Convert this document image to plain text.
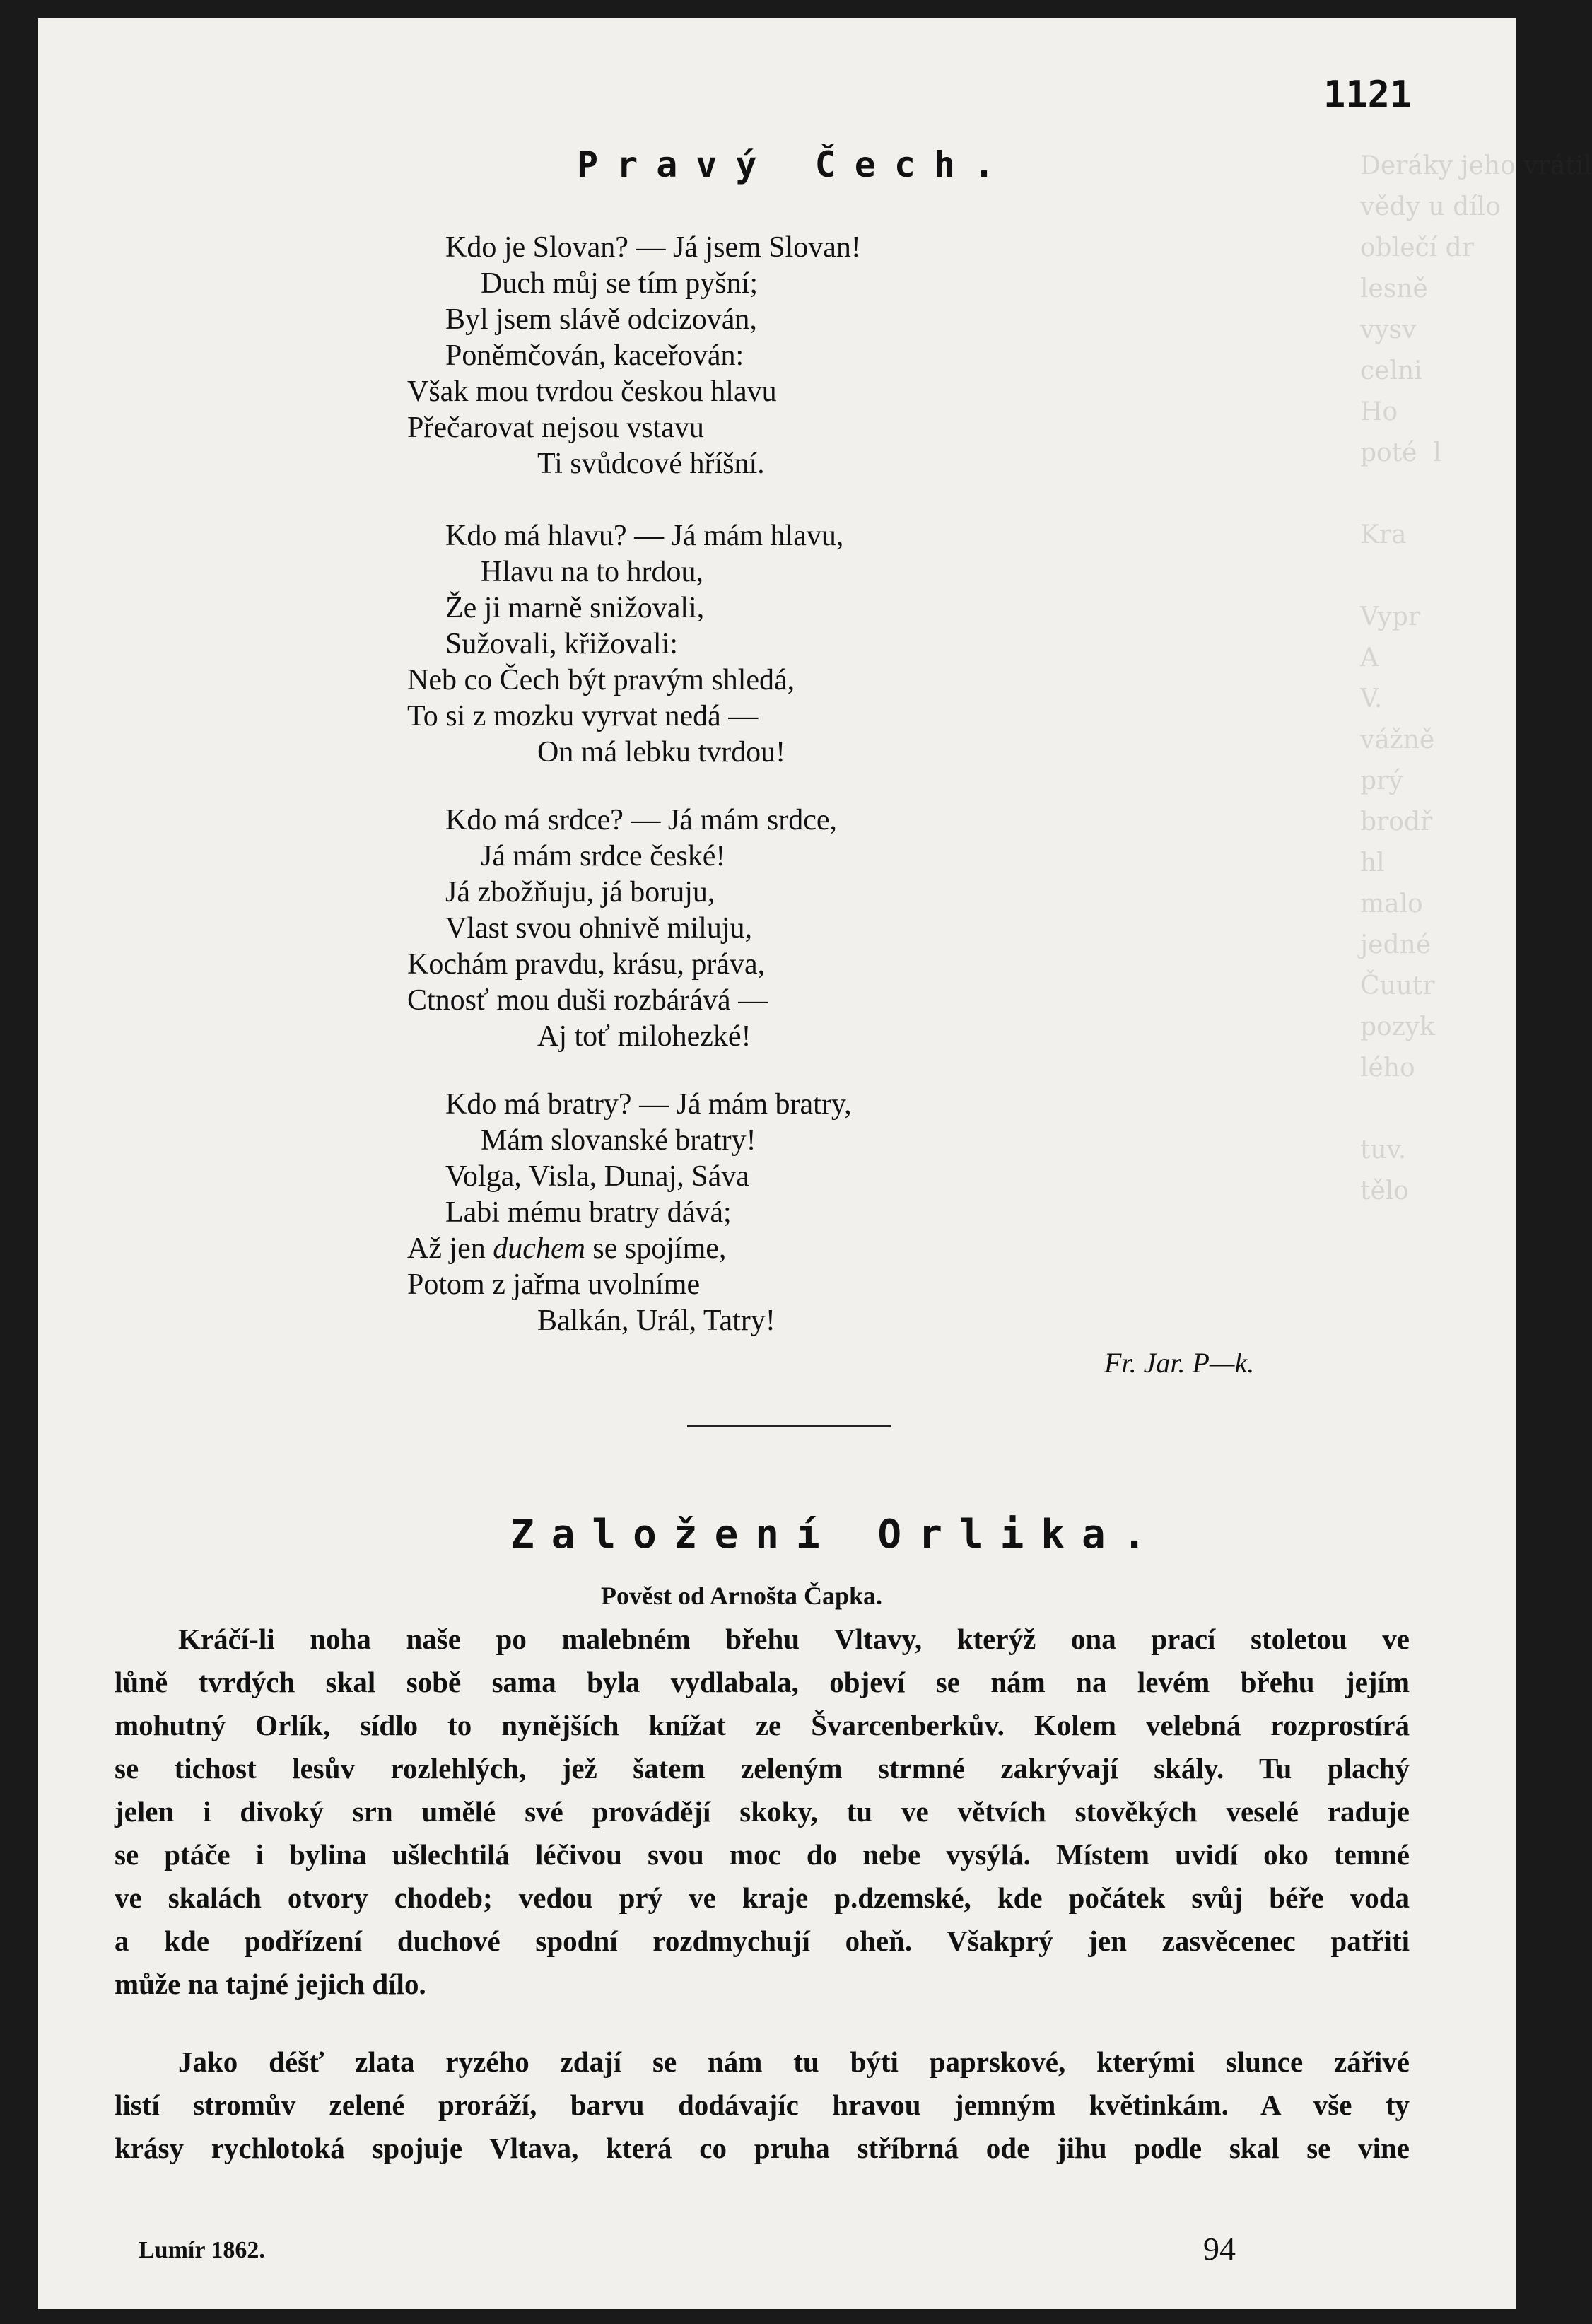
Deráky jeho vrátil
vědy u dílo
oblečí dr
lesně
vysv
celni
Ho
poté  l

Kra

Vypr
A
V.
vážně
prý
brodř
hl
malo
jedné
Čuutr
pozyk
lého

tuv.
tělo

1121
Pravý Čech.
Kdo je Slovan? — Já jsem Slovan!
Duch můj se tím pyšní;
Byl jsem slávě odcizován,
Poněmčován, kaceřován:
Však mou tvrdou českou hlavu
Přečarovat nejsou vstavu
Ti svůdcové hříšní.
Kdo má hlavu? — Já mám hlavu,
Hlavu na to hrdou,
Že ji marně snižovali,
Sužovali, křižovali:
Neb co Čech být pravým shledá,
To si z mozku vyrvat nedá —
On má lebku tvrdou!
Kdo má srdce? — Já mám srdce,
Já mám srdce české!
Já zbožňuju, já boruju,
Vlast svou ohnivě miluju,
Kochám pravdu, krásu, práva,
Ctnosť mou duši rozbárává —
Aj toť milohezké!
Kdo má bratry? — Já mám bratry,
Mám slovanské bratry!
Volga, Visla, Dunaj, Sáva
Labi mému bratry dává;
Až jen duchem se spojíme,
Potom z jařma uvolníme
Balkán, Urál, Tatry!
Fr. Jar. P—k.
Založení Orlika.
Pověst od Arnošta Čapka.
Kráčí-li noha naše po malebném břehu Vltavy, kterýž ona prací stoletou ve
lůně tvrdých skal sobě sama byla vydlabala, objeví se nám na levém břehu jejím
mohutný Orlík, sídlo to nynějších knížat ze Švarcenberkův. Kolem velebná rozprostírá
se tichost lesův rozlehlých, jež šatem zeleným strmné zakrývají skály. Tu plachý
jelen i divoký srn umělé své provádějí skoky, tu ve větvích stověkých veselé raduje
se ptáče i bylina ušlechtilá léčivou svou moc do nebe vysýlá. Místem uvidí oko temné
ve skalách otvory chodeb; vedou prý ve kraje p.dzemské, kde počátek svůj béře voda
a kde podřízení duchové spodní rozdmychují oheň. Všakprý jen zasvěcenec patřiti
může na tajné jejich dílo.
Jako déšť zlata ryzého zdají se nám tu býti paprskové, kterými slunce zářivé
listí stromův zelené proráží, barvu dodávajíc hravou jemným květinkám. A vše ty
krásy rychlotoká spojuje Vltava, která co pruha stříbrná ode jihu podle skal se vine
Lumír 1862.	94
